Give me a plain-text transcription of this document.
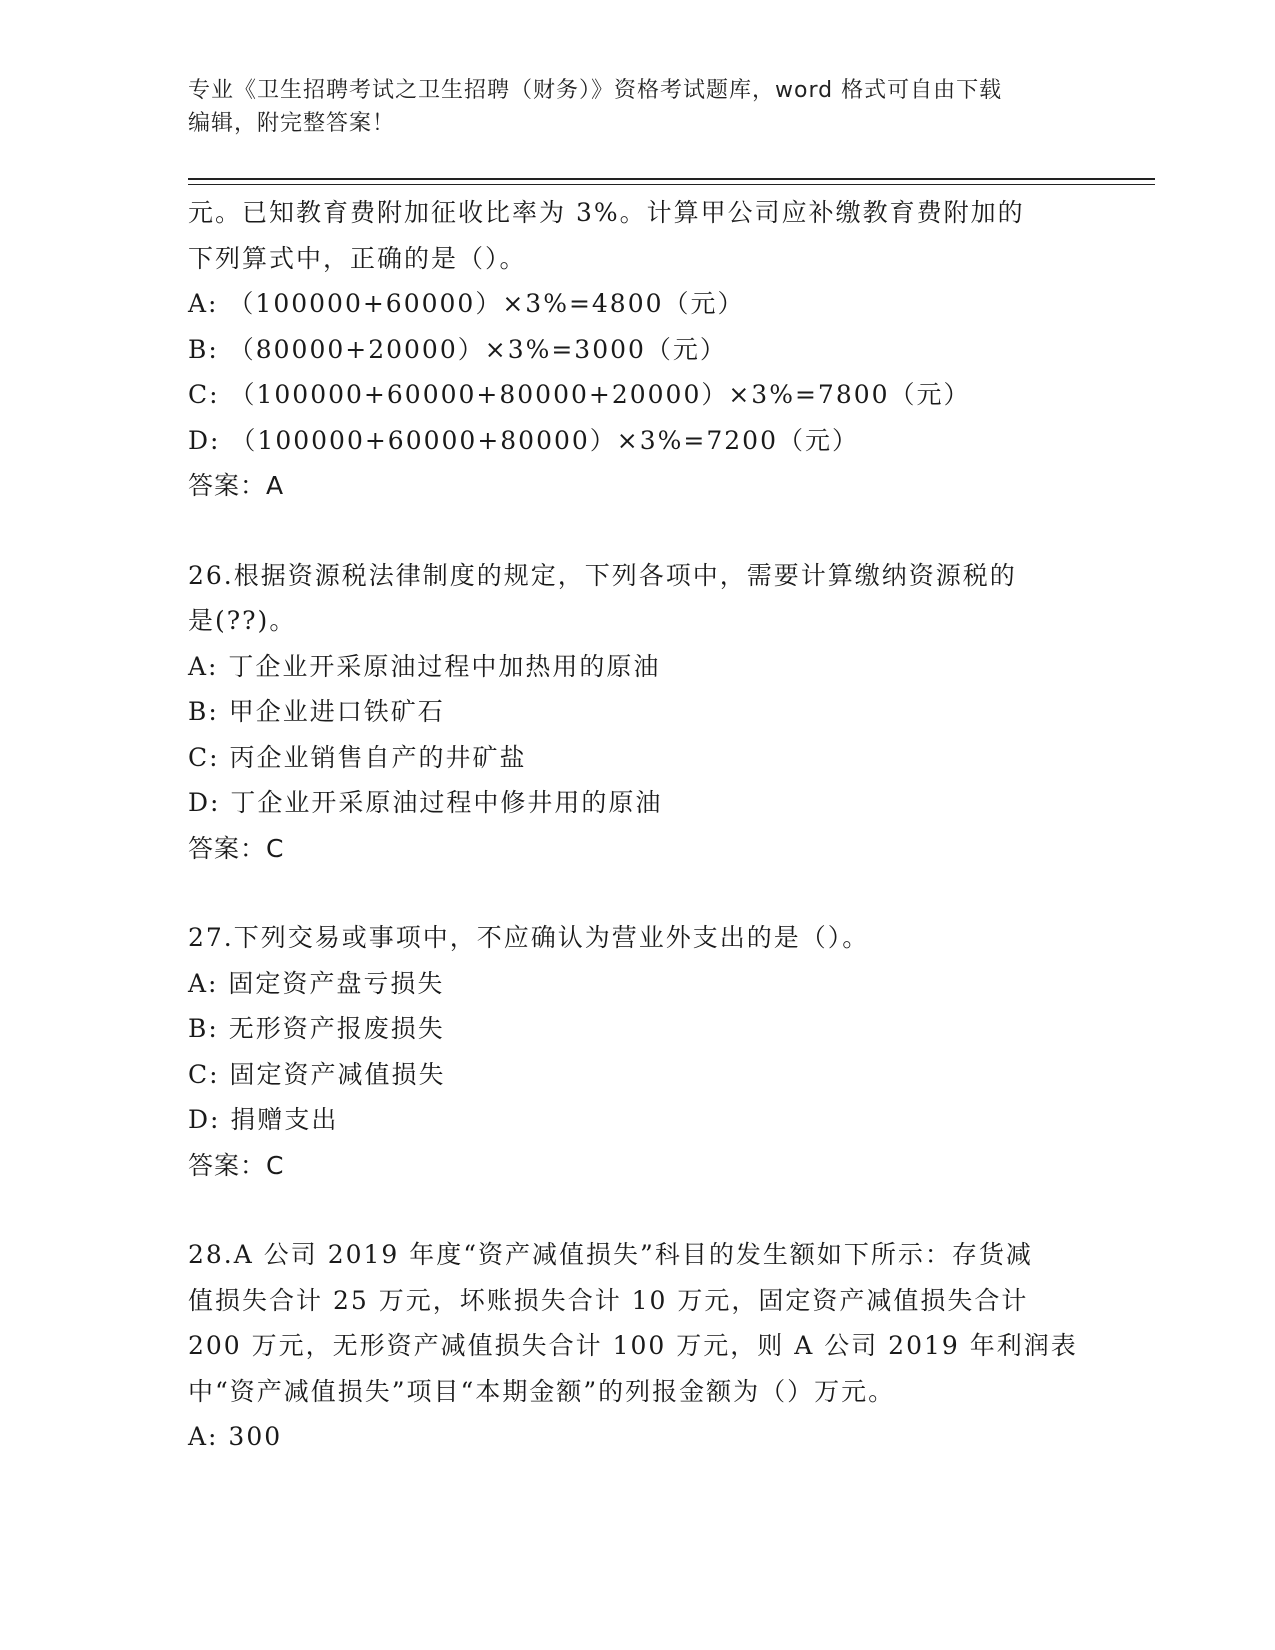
专业《卫生招聘考试之卫生招聘（财务）》资格考试题库，word 格式可自由下载
编辑，附完整答案！
元。已知教育费附加征收比率为 3%。计算甲公司应补缴教育费附加的
下列算式中，正确的是（）。
A: （100000+60000）×3%=4800（元）
B: （80000+20000）×3%=3000（元）
C: （100000+60000+80000+20000）×3%=7800（元）
D: （100000+60000+80000）×3%=7200（元）
答案：A
26.根据资源税法律制度的规定，下列各项中，需要计算缴纳资源税的
是(??)。
A: 丁企业开采原油过程中加热用的原油
B: 甲企业进口铁矿石
C: 丙企业销售自产的井矿盐
D: 丁企业开采原油过程中修井用的原油
答案：C
27.下列交易或事项中，不应确认为营业外支出的是（）。
A: 固定资产盘亏损失
B: 无形资产报废损失
C: 固定资产减值损失
D: 捐赠支出
答案：C
28.A 公司 2019 年度“资产减值损失”科目的发生额如下所示：存货减
值损失合计 25 万元，坏账损失合计 10 万元，固定资产减值损失合计
200 万元，无形资产减值损失合计 100 万元，则 A 公司 2019 年利润表
中“资产减值损失”项目“本期金额”的列报金额为（）万元。
A: 300
